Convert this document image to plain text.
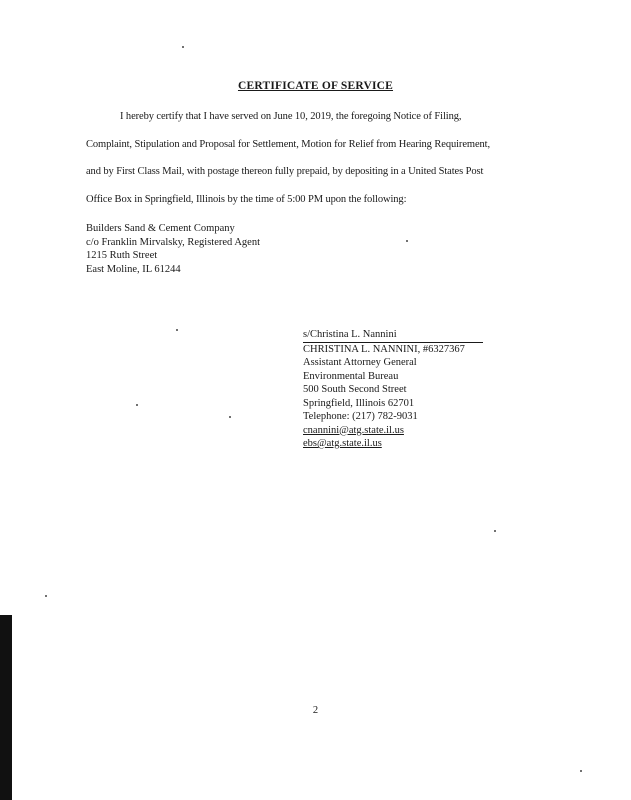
CERTIFICATE OF SERVICE
I hereby certify that I have served on June 10, 2019, the foregoing Notice of Filing,
Complaint, Stipulation and Proposal for Settlement, Motion for Relief from Hearing Requirement,
and by First Class Mail, with postage thereon fully prepaid, by depositing in a United States Post
Office Box in Springfield, Illinois by the time of 5:00 PM upon the following:
Builders Sand & Cement Company
c/o Franklin Mirvalsky, Registered Agent
1215 Ruth Street
East Moline, IL 61244
s/Christina L. Nannini
CHRISTINA L. NANNINI, #6327367
Assistant Attorney General
Environmental Bureau
500 South Second Street
Springfield, Illinois 62701
Telephone: (217) 782-9031
cnannini@atg.state.il.us
ebs@atg.state.il.us
2
